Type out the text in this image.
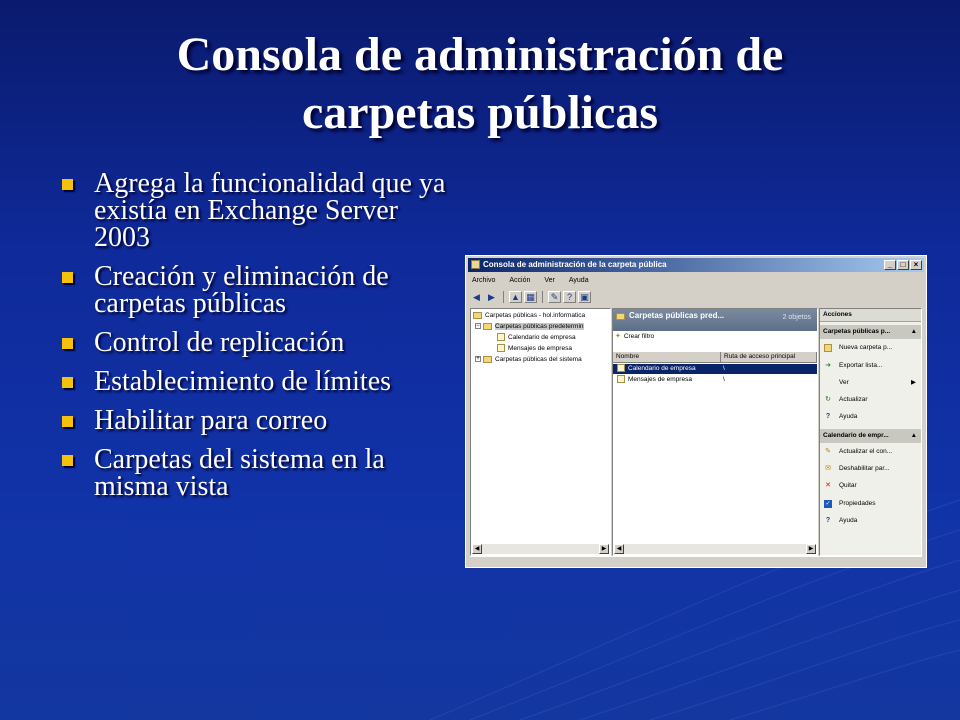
Consola de administración de
carpetas públicas
Agrega la funcionalidad que ya existía en Exchange Server 2003
Creación y eliminación de carpetas públicas
Control de replicación
Establecimiento de límites
Habilitar para correo
Carpetas del sistema en la misma vista
Consola de administración de la carpeta pública	_	□	×
Archivo Acción Ver Ayuda
◀ ▶	▲ ▦	✎ ? ▣
Carpetas públicas - hol.informatica
− Carpetas públicas predetermin
Calendario de empresa
Mensajes de empresa
+ Carpetas públicas del sistema
◀	▶
Carpetas públicas pred...	2 objetos
✦ Crear filtro
Nombre	Ruta de acceso principal
Calendario de empresa	\
Mensajes de empresa	\
◀	▶
Acciones
Carpetas públicas p...	▲
Nueva carpeta p...
➜ Exportar lista...
Ver	▶
↻ Actualizar
? Ayuda
Calendario de empr...	▲
✎ Actualizar el con...
✉ Deshabilitar par...
✕ Quitar
✓ Propiedades
? Ayuda
